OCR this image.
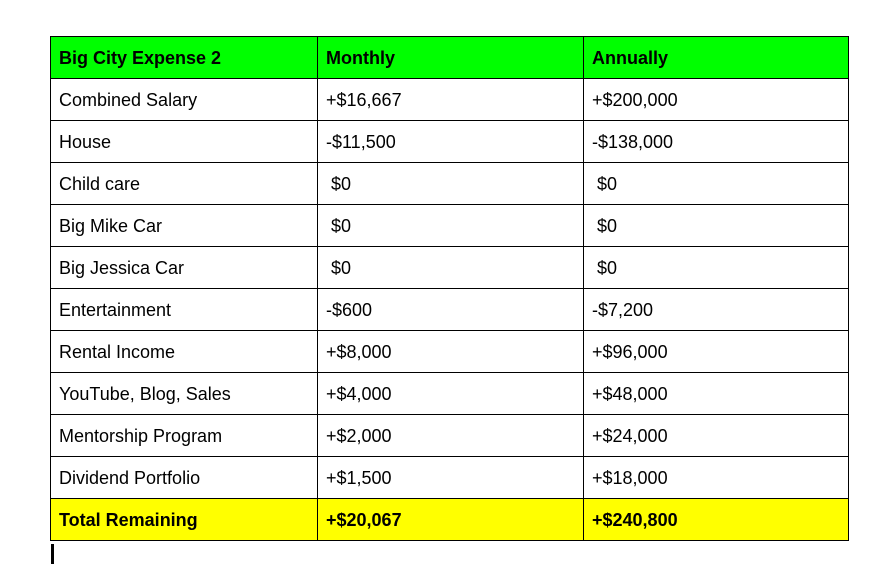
Big City Expense 2	Monthly	Annually
Combined Salary	+$16,667	+$200,000
House	-$11,500	-$138,000
Child care	$0	$0
Big Mike Car	$0	$0
Big Jessica Car	$0	$0
Entertainment	-$600	-$7,200
Rental Income	+$8,000	+$96,000
YouTube, Blog, Sales	+$4,000	+$48,000
Mentorship Program	+$2,000	+$24,000
Dividend Portfolio	+$1,500	+$18,000
Total Remaining	+$20,067	+$240,800
